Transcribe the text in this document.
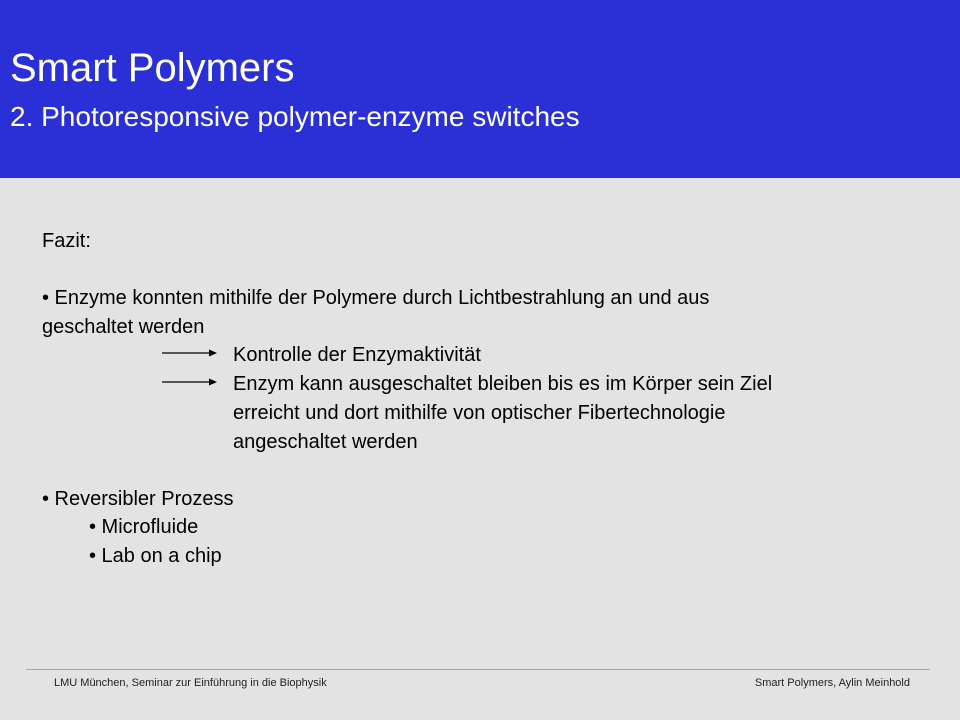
Smart Polymers
2. Photoresponsive polymer-enzyme switches
Fazit:
• Enzyme konnten mithilfe der Polymere durch Lichtbestrahlung an und aus
geschaltet werden
Kontrolle der Enzymaktivität
Enzym kann ausgeschaltet bleiben bis es im Körper sein Ziel
erreicht und dort mithilfe von optischer Fibertechnologie
angeschaltet werden
• Reversibler Prozess
• Microfluide
• Lab on a chip
LMU München, Seminar zur Einführung in die Biophysik	Smart Polymers, Aylin Meinhold
